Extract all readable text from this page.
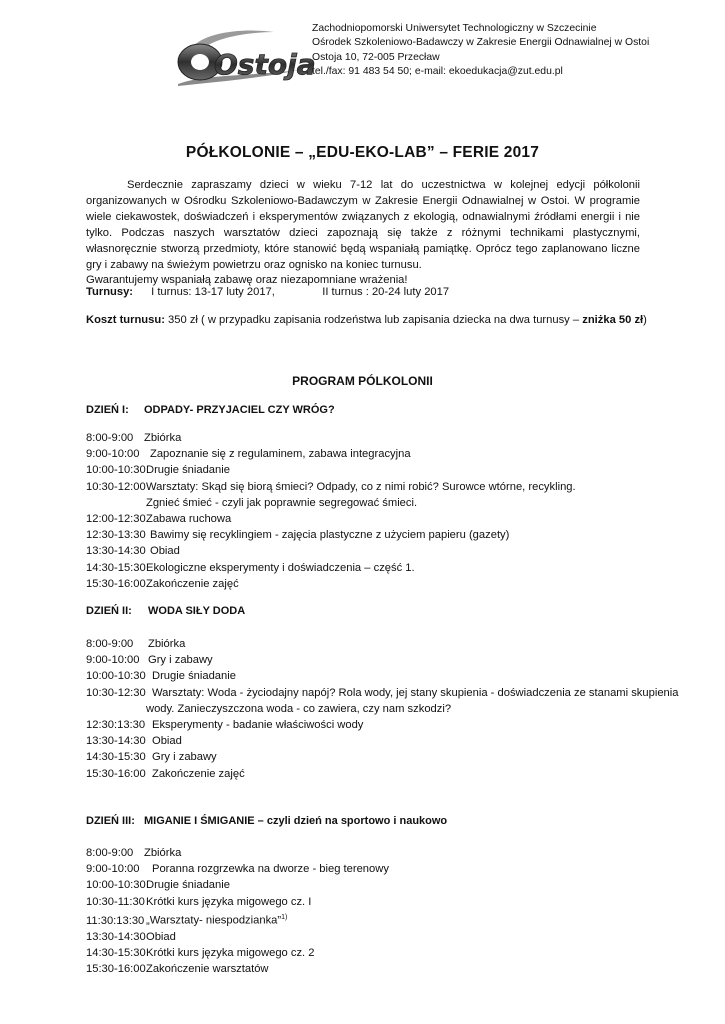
Ostoja
Zachodniopomorski Uniwersytet Technologiczny w Szczecinie
Ośrodek Szkoleniowo-Badawczy w Zakresie Energii Odnawialnej w Ostoi
Ostoja 10, 72-005 Przecław
tel./fax: 91 483 54 50; e-mail: ekoedukacja@zut.edu.pl
PÓŁKOLONIE – „EDU-EKO-LAB” – FERIE 2017

Serdecznie zapraszamy dzieci w wieku 7-12 lat do uczestnictwa w kolejnej edycji półkolonii organizowanych w Ośrodku Szkoleniowo-Badawczym w Zakresie Energii Odnawialnej w Ostoi. W programie wiele ciekawostek, doświadczeń i eksperymentów związanych z ekologią, odnawialnymi źródłami energii i nie tylko. Podczas naszych warsztatów dzieci zapoznają się także z różnymi technikami plastycznymi, własnoręcznie stworzą przedmioty, które stanowić będą wspaniałą pamiątkę. Oprócz tego zaplanowano liczne gry i zabawy na świeżym powietrzu oraz ognisko na koniec turnusu.

Gwarantujemy wspaniałą zabawę oraz niezapomniane wrażenia!

Turnusy: I turnus: 13-17 luty 2017,	II turnus : 20-24 luty 2017
Koszt turnusu: 350 zł ( w przypadku zapisania rodzeństwa lub zapisania dziecka na dwa turnusy – zniżka 50 zł)
PROGRAM PÓLKOLONII
DZIEŃ I: ODPADY- PRZYJACIEL CZY WRÓG?
8:00-9:00 Zbiórka
9:00-10:00 Zapoznanie się z regulaminem, zabawa integracyjna
10:00-10:30Drugie śniadanie
10:30-12:00Warsztaty: Skąd się biorą śmieci? Odpady, co z nimi robić? Surowce wtórne, recykling.
Zgnieć śmieć - czyli jak poprawnie segregować śmieci.
12:00-12:30Zabawa ruchowa
12:30-13:30 Bawimy się recyklingiem - zajęcia plastyczne z użyciem papieru (gazety)
13:30-14:30 Obiad
14:30-15:30Ekologiczne eksperymenty i doświadczenia – część 1.
15:30-16:00Zakończenie zajęć
DZIEŃ II: WODA SIŁY DODA
8:00-9:00 Zbiórka
9:00-10:00 Gry i zabawy
10:00-10:30 Drugie śniadanie
10:30-12:30 Warsztaty: Woda - życiodajny napój? Rola wody, jej stany skupienia - doświadczenia ze stanami skupienia
wody. Zanieczyszczona woda - co zawiera, czy nam szkodzi?
12:30:13:30 Eksperymenty - badanie właściwości wody
13:30-14:30 Obiad
14:30-15:30 Gry i zabawy
15:30-16:00 Zakończenie zajęć
DZIEŃ III: MIGANIE I ŚMIGANIE – czyli dzień na sportowo i naukowo
8:00-9:00 Zbiórka
9:00-10:00 Poranna rozgrzewka na dworze - bieg terenowy
10:00-10:30Drugie śniadanie
10:30-11:30Krótki kurs języka migowego cz. I
11:30:13:30 „Warsztaty- niespodzianka”$^{1)}$
13:30-14:30Obiad
14:30-15:30Krótki kurs języka migowego cz. 2
15:30-16:00Zakończenie warsztatów
